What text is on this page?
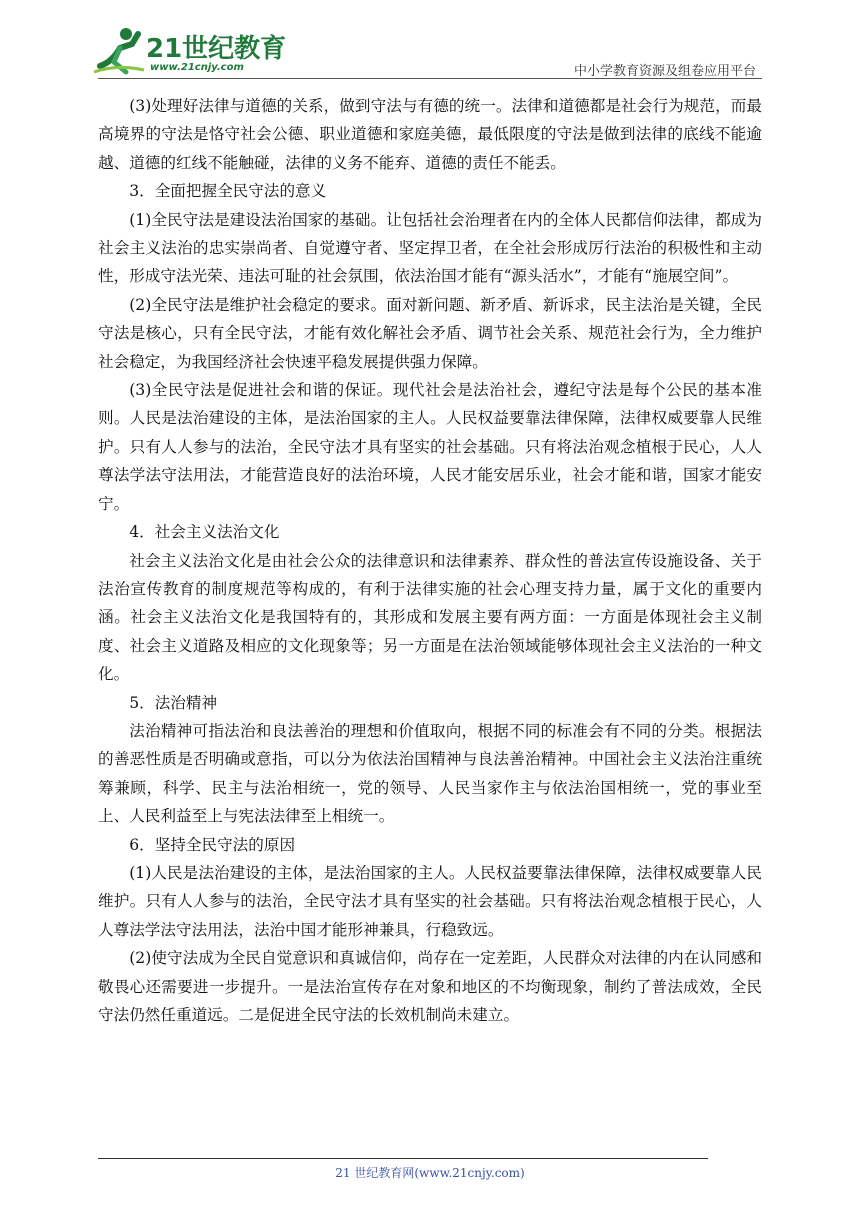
21世纪教育
www.21cnjy.com	中小学教育资源及组卷应用平台

(3)处理好法律与道德的关系，做到守法与有德的统一。法律和道德都是社会行为规范，而最高境界的守法是恪守社会公德、职业道德和家庭美德，最低限度的守法是做到法律的底线不能逾越、道德的红线不能触碰，法律的义务不能弃、道德的责任不能丢。

3．全面把握全民守法的意义

(1)全民守法是建设法治国家的基础。让包括社会治理者在内的全体人民都信仰法律，都成为社会主义法治的忠实崇尚者、自觉遵守者、坚定捍卫者，在全社会形成厉行法治的积极性和主动性，形成守法光荣、违法可耻的社会氛围，依法治国才能有“源头活水”，才能有“施展空间”。

(2)全民守法是维护社会稳定的要求。面对新问题、新矛盾、新诉求，民主法治是关键，全民守法是核心，只有全民守法，才能有效化解社会矛盾、调节社会关系、规范社会行为，全力维护社会稳定，为我国经济社会快速平稳发展提供强力保障。

(3)全民守法是促进社会和谐的保证。现代社会是法治社会，遵纪守法是每个公民的基本准则。人民是法治建设的主体，是法治国家的主人。人民权益要靠法律保障，法律权威要靠人民维护。只有人人参与的法治，全民守法才具有坚实的社会基础。只有将法治观念植根于民心，人人尊法学法守法用法，才能营造良好的法治环境，人民才能安居乐业，社会才能和谐，国家才能安宁。

4．社会主义法治文化

社会主义法治文化是由社会公众的法律意识和法律素养、群众性的普法宣传设施设备、关于法治宣传教育的制度规范等构成的，有利于法律实施的社会心理支持力量，属于文化的重要内涵。社会主义法治文化是我国特有的，其形成和发展主要有两方面：一方面是体现社会主义制度、社会主义道路及相应的文化现象等；另一方面是在法治领域能够体现社会主义法治的一种文化。

5．法治精神

法治精神可指法治和良法善治的理想和价值取向，根据不同的标准会有不同的分类。根据法的善恶性质是否明确或意指，可以分为依法治国精神与良法善治精神。中国社会主义法治注重统筹兼顾，科学、民主与法治相统一，党的领导、人民当家作主与依法治国相统一，党的事业至上、人民利益至上与宪法法律至上相统一。

6．坚持全民守法的原因

(1)人民是法治建设的主体，是法治国家的主人。人民权益要靠法律保障，法律权威要靠人民维护。只有人人参与的法治，全民守法才具有坚实的社会基础。只有将法治观念植根于民心，人人尊法学法守法用法，法治中国才能形神兼具，行稳致远。

(2)使守法成为全民自觉意识和真诚信仰，尚存在一定差距，人民群众对法律的内在认同感和敬畏心还需要进一步提升。一是法治宣传存在对象和地区的不均衡现象，制约了普法成效，全民守法仍然任重道远。二是促进全民守法的长效机制尚未建立。

21 世纪教育网(www.21cnjy.com)
